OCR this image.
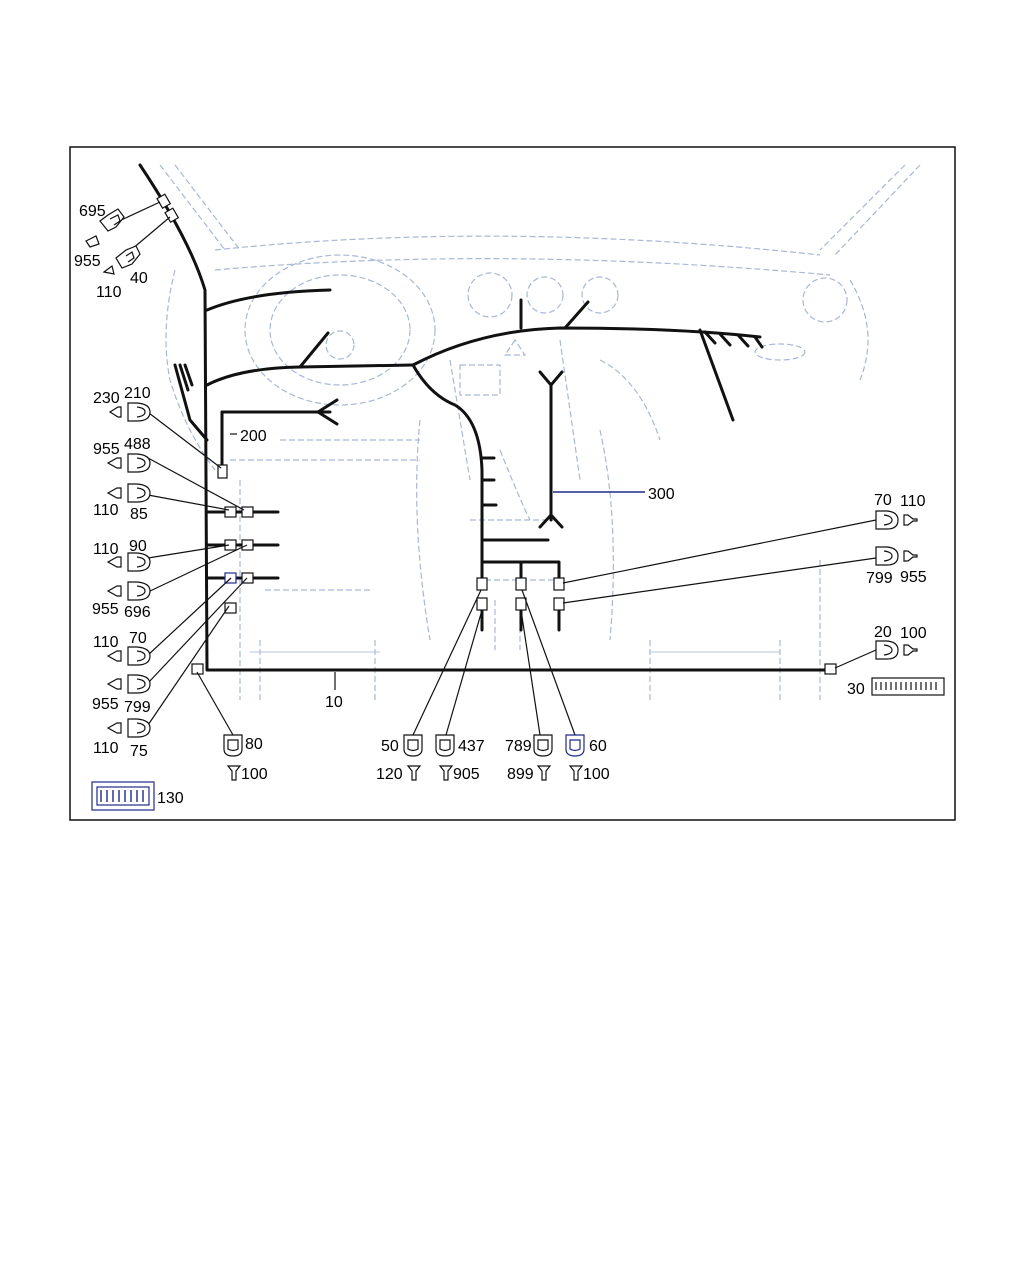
695
955
110
40
230 210
200
955 488
110 85
110 90
955 696
110 70
955 799
110 75
10
300	70 110
799 955
20 100
30
80
100
50
120
437
905
789
899
60
100
130
